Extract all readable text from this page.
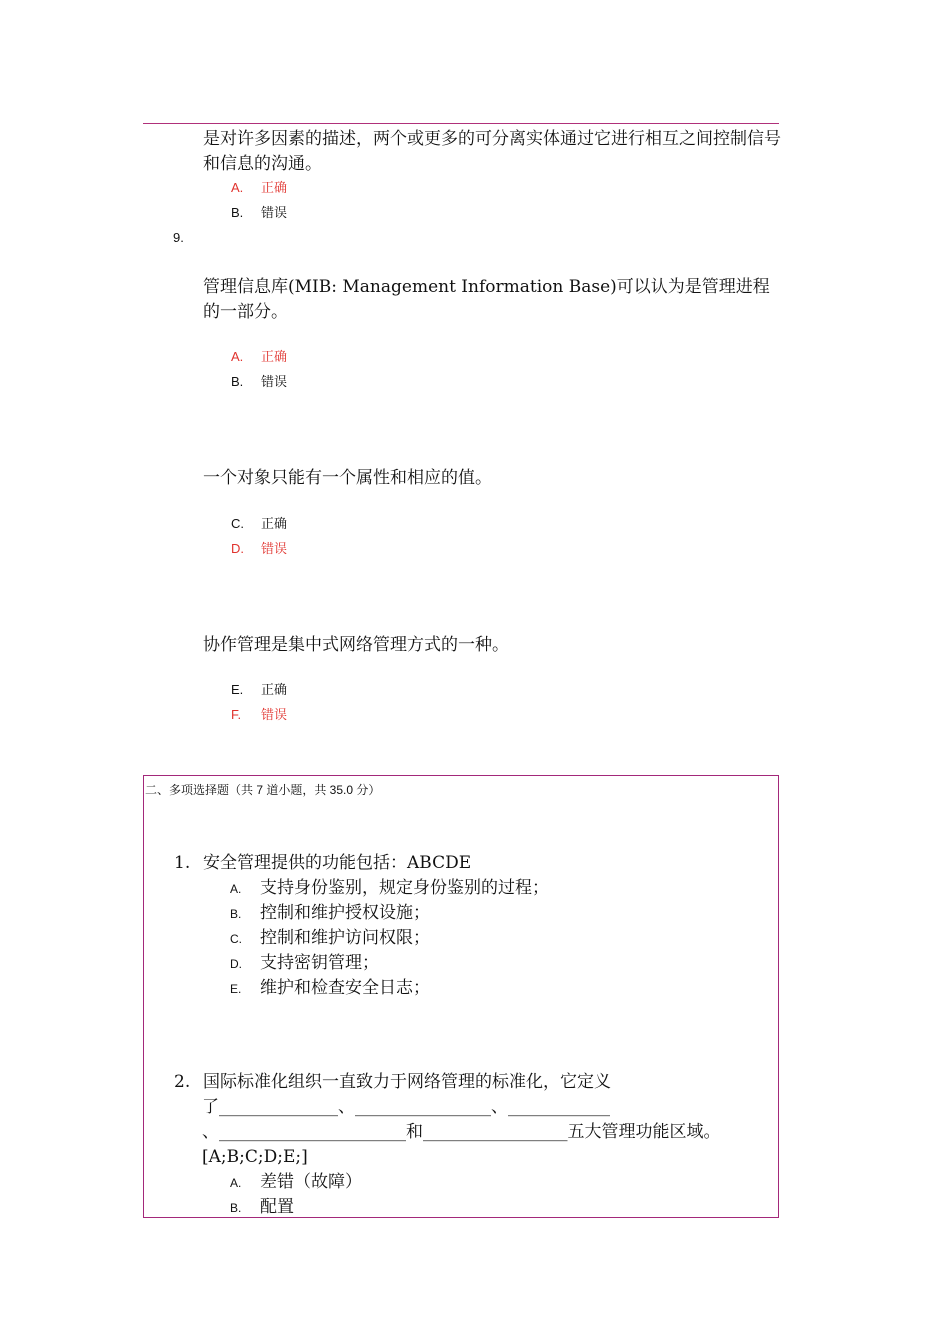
是对许多因素的描述，两个或更多的可分离实体通过它进行相互之间控制信号和信息的沟通。

A. 正确
B. 错误
9.

管理信息库(MIB: Management Information Base)可以认为是管理进程的一部分。

A. 正确
B. 错误

一个对象只能有一个属性和相应的值。

C. 正确
D. 错误

协作管理是集中式网络管理方式的一种。

E. 正确
F. 错误
二、多项选择题（共 7 道小题，共 35.0 分）
1. 安全管理提供的功能包括：ABCDE
A. 支持身份鉴别，规定身份鉴别的过程；
B. 控制和维护授权设施；
C. 控制和维护访问权限；
D. 支持密钥管理；
E. 维护和检查安全日志；
2. 国际标准化组织一直致力于网络管理的标准化，它定义
了______________、________________、____________
、______________________和_________________五大管理功能区域。
[A;B;C;D;E;]
A. 差错（故障）
B. 配置
